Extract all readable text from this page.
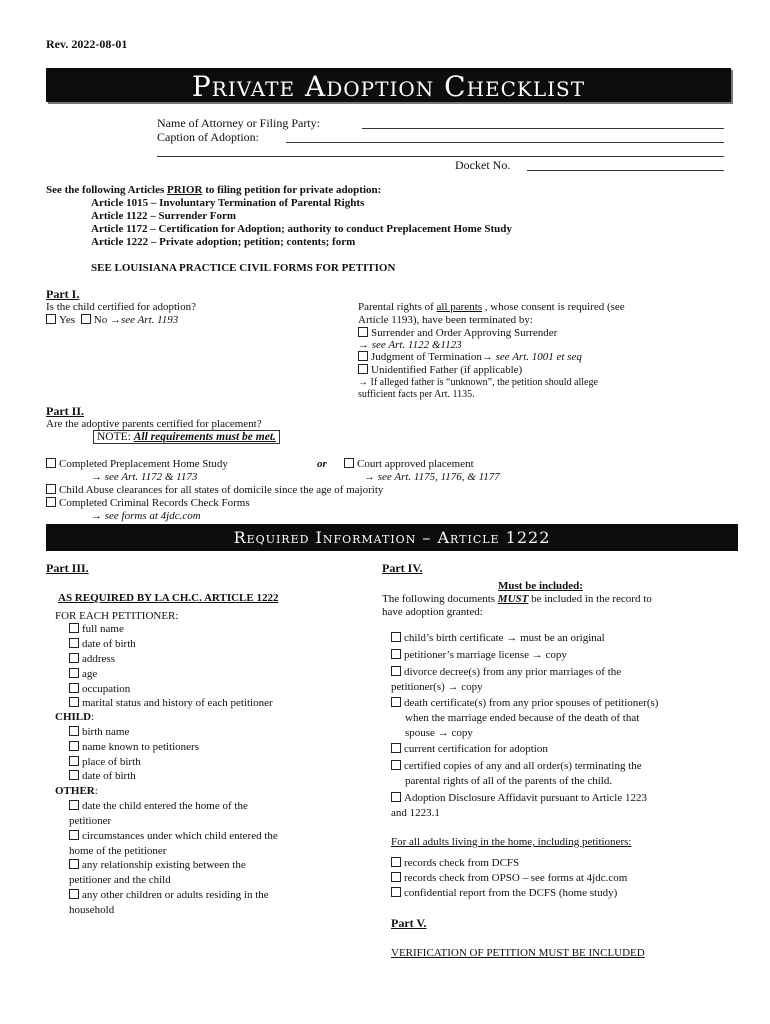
Rev. 2022-08-01
Private Adoption Checklist
Name of Attorney or Filing Party:
Caption of Adoption:
Docket No.
See the following Articles PRIOR to filing petition for private adoption:
Article 1015 – Involuntary Termination of Parental Rights
Article 1122 – Surrender Form
Article 1172 – Certification for Adoption; authority to conduct Preplacement Home Study
Article 1222 – Private adoption; petition; contents; form
SEE LOUISIANA PRACTICE CIVIL FORMS FOR PETITION
Part I.
Is the child certified for adoption?
Yes No →see Art. 1193
Parental rights of all parents , whose consent is required (see
Article 1193), have been terminated by:
Surrender and Order Approving Surrender
→ see Art. 1122 &1123
Judgment of Termination→ see Art. 1001 et seq
Unidentified Father (if applicable)
→ If alleged father is “unknown”, the petition should allege
sufficient facts per Art. 1135.
Part II.
Are the adoptive parents certified for placement?
NOTE: All requirements must be met.
Completed Preplacement Home Study	or	Court approved placement
→ see Art. 1172 & 1173	→ see Art. 1175, 1176, & 1177
Child Abuse clearances for all states of domicile since the age of majority
Completed Criminal Records Check Forms
→ see forms at 4jdc.com
Required Information – Article 1222
Part III.
AS REQUIRED BY LA CH.C. ARTICLE 1222
FOR EACH PETITIONER:
full name
date of birth
address
age
occupation
marital status and history of each petitioner
CHILD:
birth name
name known to petitioners
place of birth
date of birth
OTHER:
date the child entered the home of the
petitioner
circumstances under which child entered the
home of the petitioner
any relationship existing between the
petitioner and the child
any other children or adults residing in the
household
Part IV.
Must be included:
The following documents MUST be included in the record to
have adoption granted:
child’s birth certificate → must be an original
petitioner’s marriage license → copy
divorce decree(s) from any prior marriages of the
petitioner(s) → copy
death certificate(s) from any prior spouses of petitioner(s)
when the marriage ended because of the death of that
spouse → copy
current certification for adoption
certified copies of any and all order(s) terminating the
parental rights of all of the parents of the child.
Adoption Disclosure Affidavit pursuant to Article 1223
and 1223.1
For all adults living in the home, including petitioners:
records check from DCFS
records check from OPSO – see forms at 4jdc.com
confidential report from the DCFS (home study)
Part V.
VERIFICATION OF PETITION MUST BE INCLUDED
